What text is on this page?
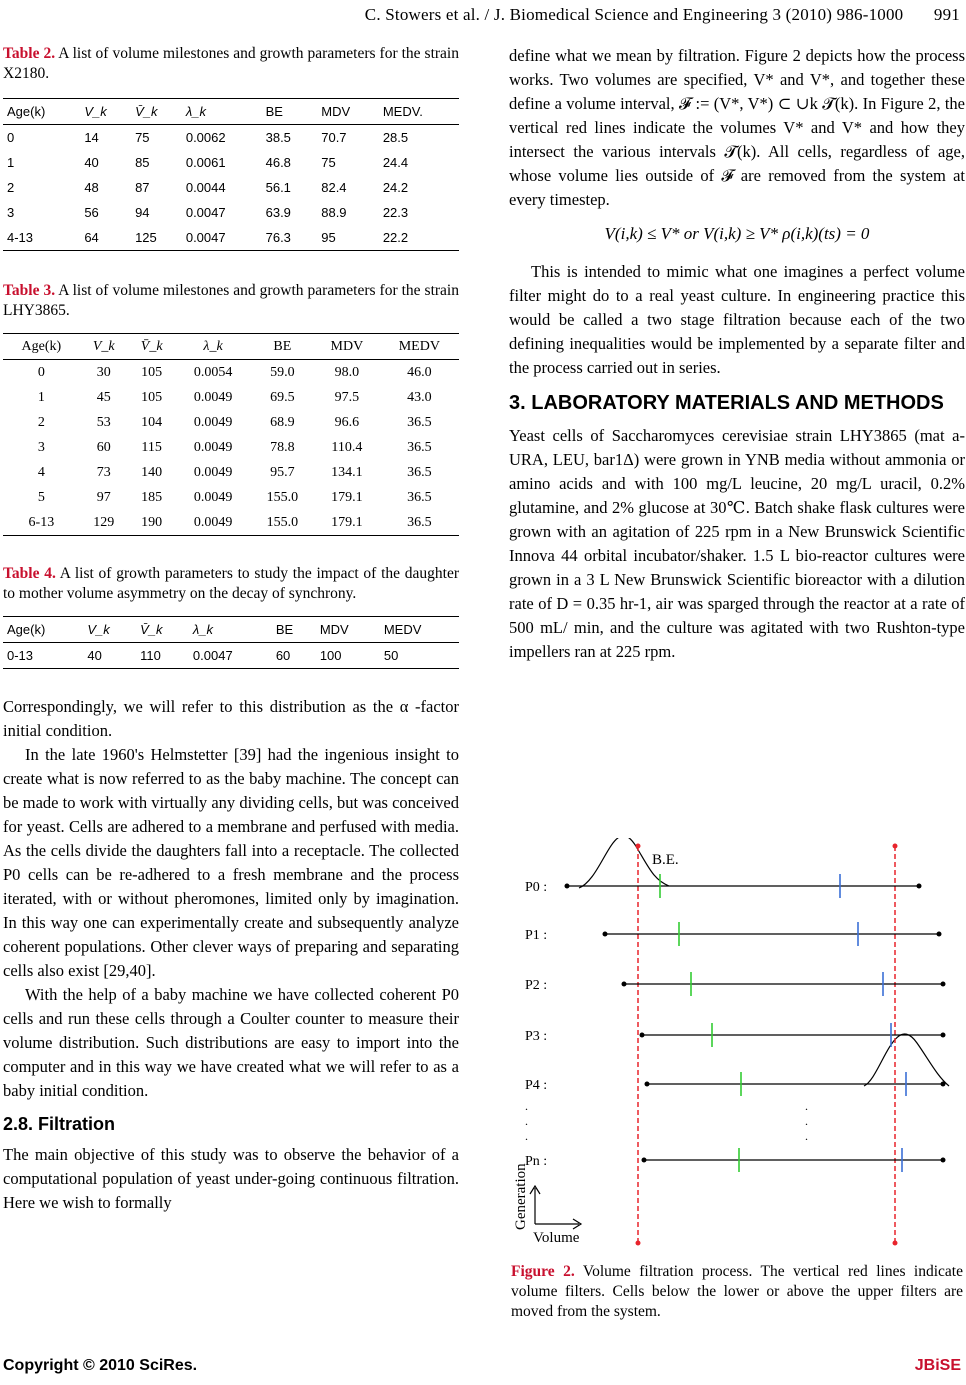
C. Stowers et al. / J. Biomedical Science and Engineering 3 (2010) 986-1000 991
Table 2. A list of volume milestones and growth parameters for the strain X2180.
Age(k)	V_k	V̄_k	λ_k	BE	MDV	MEDV.
0	14	75	0.0062	38.5	70.7	28.5
1	40	85	0.0061	46.8	75	24.4
2	48	87	0.0044	56.1	82.4	24.2
3	56	94	0.0047	63.9	88.9	22.3
4-13	64	125	0.0047	76.3	95	22.2
Table 3. A list of volume milestones and growth parameters for the strain LHY3865.
Age(k)	V_k	V̄_k	λ_k	BE	MDV	MEDV
0	30	105	0.0054	59.0	98.0	46.0
1	45	105	0.0049	69.5	97.5	43.0
2	53	104	0.0049	68.9	96.6	36.5
3	60	115	0.0049	78.8	110.4	36.5
4	73	140	0.0049	95.7	134.1	36.5
5	97	185	0.0049	155.0	179.1	36.5
6-13	129	190	0.0049	155.0	179.1	36.5
Table 4. A list of growth parameters to study the impact of the daughter to mother volume asymmetry on the decay of synchrony.
Age(k)	V_k	V̄_k	λ_k	BE	MDV	MEDV
0-13	40	110	0.0047	60	100	50

Correspondingly, we will refer to this distribution as the α -factor initial condition.

In the late 1960's Helmstetter [39] had the ingenious insight to create what is now referred to as the baby machine. The concept can be made to work with virtually any dividing cells, but was conceived for yeast. Cells are adhered to a membrane and perfused with media. As the cells divide the daughters fall into a receptacle. The collected P0 cells can be re-adhered to a fresh membrane and the process iterated, with or without pheromones, limited only by imagination. In this way one can experimentally create and subsequently analyze coherent populations. Other clever ways of preparing and separating cells also exist [29,40].

With the help of a baby machine we have collected coherent P0 cells and run these cells through a Coulter counter to measure their volume distribution. Such distributions are easy to import into the computer and in this way we have created what we will refer to as a baby initial condition.

2.8. Filtration

The main objective of this study was to observe the behavior of a computational population of yeast under-going continuous filtration. Here we wish to formally

define what we mean by filtration. Figure 2 depicts how the process works. Two volumes are specified, V* and V*, and together these define a volume interval, 𝓕 := (V*, V*) ⊂ ∪k 𝓣(k). In Figure 2, the vertical red lines indicate the volumes V* and V* and how they intersect the various intervals 𝓣(k). All cells, regardless of age, whose volume lies outside of 𝓕 are removed from the system at every timestep.

V(i,k) ≤ V* or V(i,k) ≥ V* ρ(i,k)(ts) = 0

This is intended to mimic what one imagines a perfect volume filter might do to a real yeast culture. In engineering practice this would be called a two stage filtration because each of the two defining inequalities would be implemented by a separate filter and the process carried out in series.

3. LABORATORY MATERIALS AND METHODS

Yeast cells of Saccharomyces cerevisiae strain LHY3865 (mat a-URA, LEU, bar1Δ) were grown in YNB media without ammonia or amino acids and with 100 mg/L leucine, 20 mg/L uracil, 0.2% glutamine, and 2% glucose at 30℃. Batch shake flask cultures were grown with an agitation of 225 rpm in a New Brunswick Scientific Innova 44 orbital incubator/shaker. 1.5 L bio-reactor cultures were grown in a 3 L New Brunswick Scientific bioreactor with a dilution rate of D = 0.35 hr-1, air was sparged through the reactor at a rate of 500 mL/ min, and the culture was agitated with two Rushton-type impellers ran at 225 rpm.

B.E.
P0 :
P1 :
P2 :
P3 :
P4 :
Pn :
.
.
.
.
.
.
Generation
Volume
Figure 2. Volume filtration process. The vertical red lines indicate volume filters. Cells below the lower or above the upper filters are moved from the system.
Copyright © 2010 SciRes.	JBiSE
